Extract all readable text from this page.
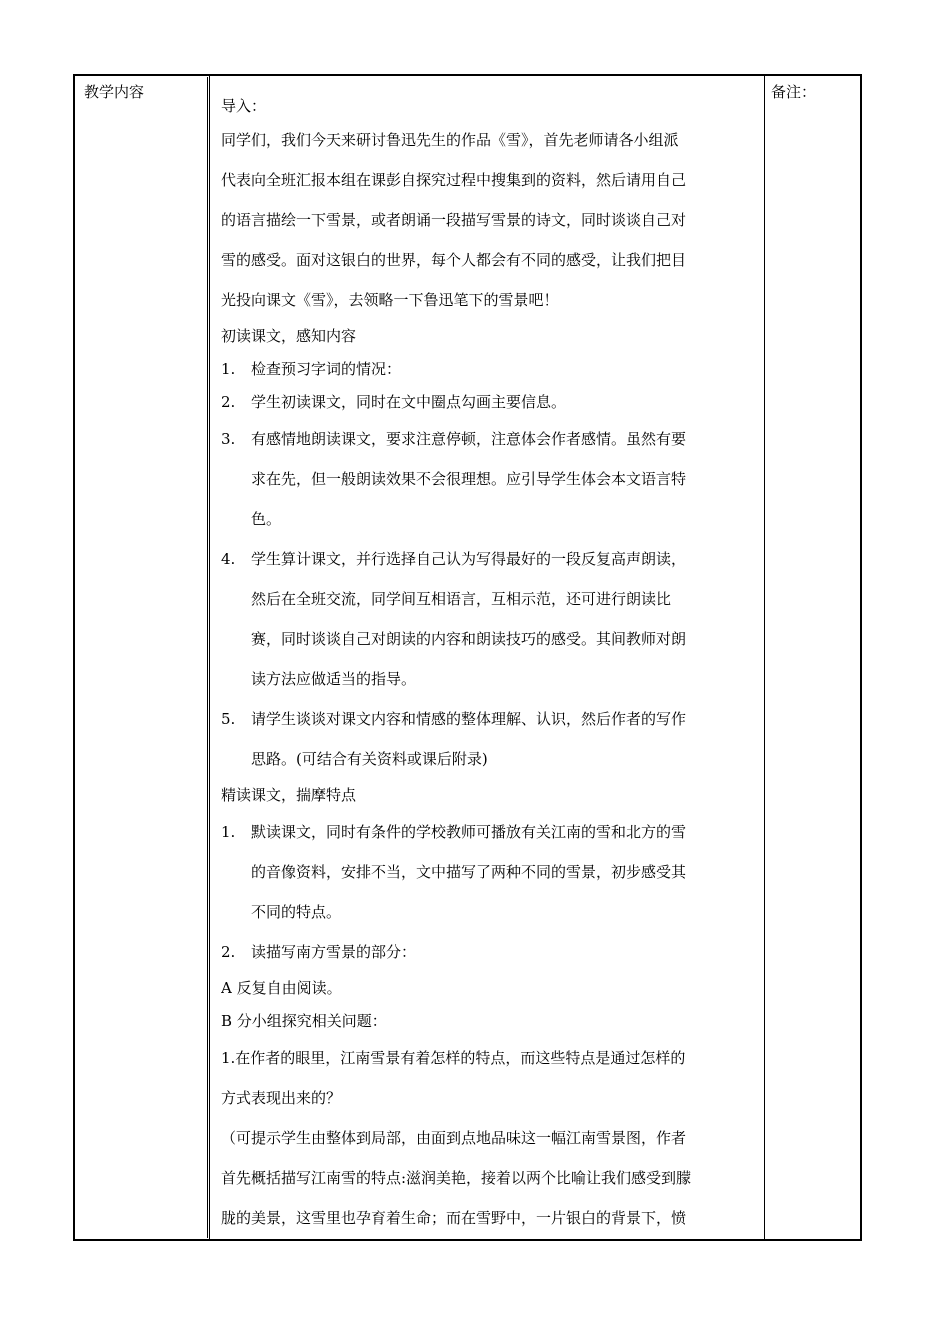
教学内容
导入：
同学们，我们今天来研讨鲁迅先生的作品《雪》，首先老师请各小组派
代表向全班汇报本组在课彭自探究过程中搜集到的资料，然后请用自己
的语言描绘一下雪景，或者朗诵一段描写雪景的诗文，同时谈谈自己对
雪的感受。面对这银白的世界，每个人都会有不同的感受，让我们把目
光投向课文《雪》，去领略一下鲁迅笔下的雪景吧！
初读课文，感知内容
1. 检查预习字词的情况：
2. 学生初读课文，同时在文中圈点勾画主要信息。
3. 有感情地朗读课文，要求注意停顿，注意体会作者感情。虽然有要
求在先，但一般朗读效果不会很理想。应引导学生体会本文语言特
色。
4. 学生算计课文，并行选择自己认为写得最好的一段反复高声朗读，
然后在全班交流，同学间互相语言，互相示范，还可进行朗读比
赛，同时谈谈自己对朗读的内容和朗读技巧的感受。其间教师对朗
读方法应做适当的指导。
5. 请学生谈谈对课文内容和情感的整体理解、认识，然后作者的写作
思路。(可结合有关资料或课后附录)
精读课文，揣摩特点
1. 默读课文，同时有条件的学校教师可播放有关江南的雪和北方的雪
的音像资料，安排不当，文中描写了两种不同的雪景，初步感受其
不同的特点。
2. 读描写南方雪景的部分：
A 反复自由阅读。
B 分小组探究相关问题：
1.在作者的眼里，江南雪景有着怎样的特点，而这些特点是通过怎样的
方式表现出来的？
（可提示学生由整体到局部，由面到点地品味这一幅江南雪景图，作者
首先概括描写江南雪的特点:滋润美艳，接着以两个比喻让我们感受到朦
胧的美景，这雪里也孕育着生命；而在雪野中，一片银白的背景下，愤
备注：
